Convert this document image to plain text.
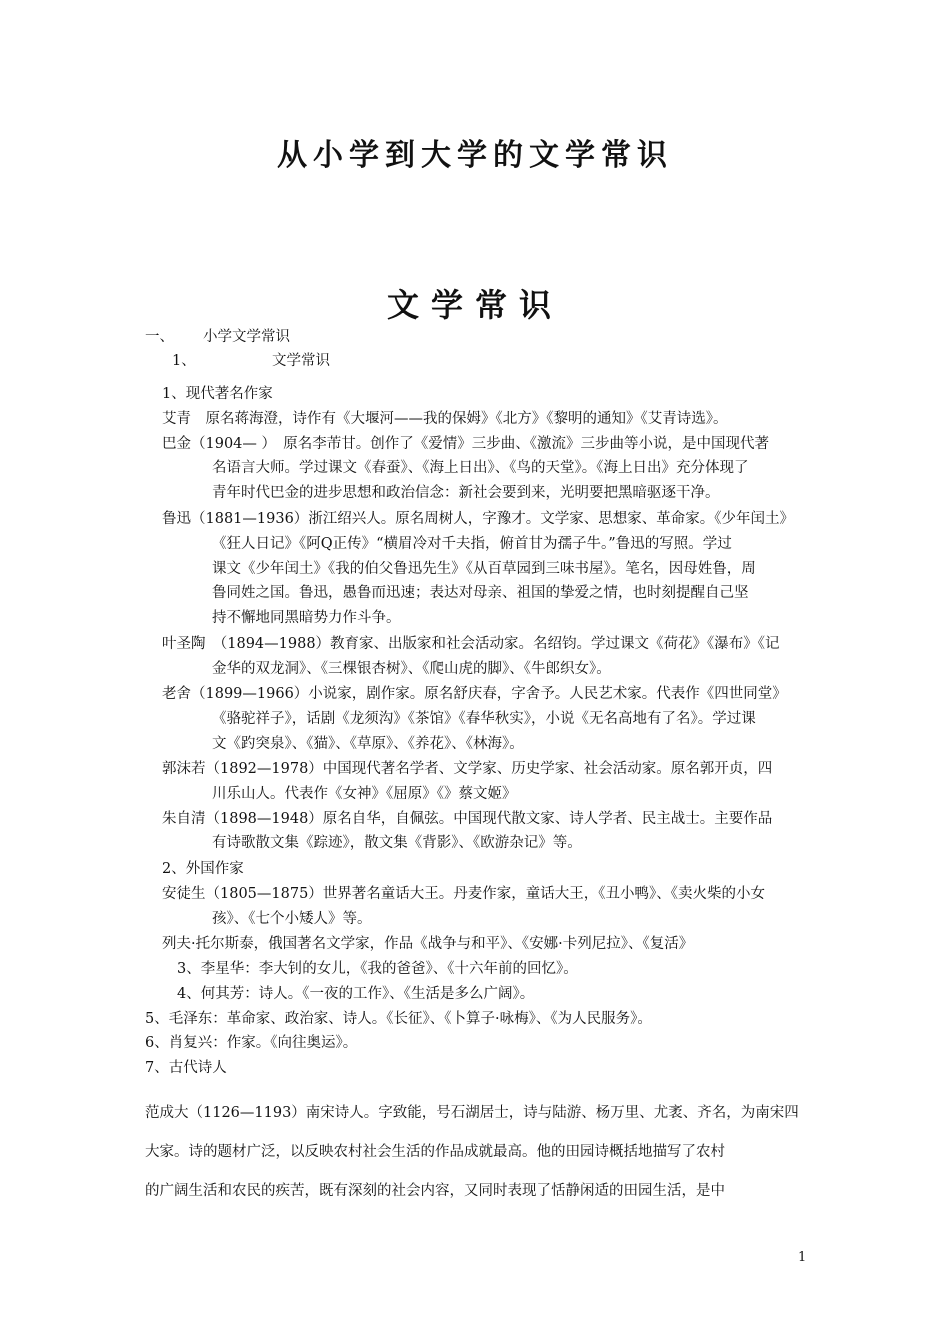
从小学到大学的文学常识
文学常识
一、 小学文学常识
1、	文学常识
1、现代著名作家
艾青　原名蒋海澄，诗作有《大堰河——我的保姆》《北方》《黎明的通知》《艾青诗选》。
巴金（1904— ）　原名李芾甘。创作了《爱情》三步曲、《激流》三步曲等小说，是中国现代著
名语言大师。学过课文《春蚕》、《海上日出》、《鸟的天堂》。《海上日出》充分体现了
青年时代巴金的进步思想和政治信念：新社会要到来，光明要把黑暗驱逐干净。
鲁迅（1881—1936）浙江绍兴人。原名周树人，字豫才。文学家、思想家、革命家。《少年闰土》
《狂人日记》《阿Q正传》“横眉冷对千夫指，俯首甘为孺子牛。”鲁迅的写照。学过
课文《少年闰土》《我的伯父鲁迅先生》《从百草园到三味书屋》。笔名，因母姓鲁，周
鲁同姓之国。鲁迅，愚鲁而迅速；表达对母亲、祖国的挚爱之情，也时刻提醒自己坚
持不懈地同黑暗势力作斗争。
叶圣陶　（1894—1988）教育家、出版家和社会活动家。名绍钧。学过课文《荷花》《瀑布》《记
金华的双龙洞》、《三棵银杏树》、《爬山虎的脚》、《牛郎织女》。
老舍（1899—1966）小说家，剧作家。原名舒庆春，字舍予。人民艺术家。代表作《四世同堂》
《骆驼祥子》，话剧《龙须沟》《茶馆》《春华秋实》，小说《无名高地有了名》。学过课
文《趵突泉》、《猫》、《草原》、《养花》、《林海》。
郭沫若（1892—1978）中国现代著名学者、文学家、历史学家、社会活动家。原名郭开贞，四
川乐山人。代表作《女神》《屈原》《》蔡文姬》
朱自清（1898—1948）原名自华，自佩弦。中国现代散文家、诗人学者、民主战士。主要作品
有诗歌散文集《踪迹》，散文集《背影》、《欧游杂记》等。
2、外国作家
安徒生（1805—1875）世界著名童话大王。丹麦作家，童话大王，《丑小鸭》、《卖火柴的小女
孩》、《七个小矮人》等。
列夫·托尔斯泰，俄国著名文学家，作品《战争与和平》、《安娜·卡列尼拉》、《复活》
3、李星华：李大钊的女儿，《我的爸爸》、《十六年前的回忆》。
4、何其芳：诗人。《一夜的工作》、《生活是多么广阔》。
5、毛泽东：革命家、政治家、诗人。《长征》、《卜算子·咏梅》、《为人民服务》。
6、肖复兴：作家。《向往奥运》。
7、古代诗人
范成大（1126—1193）南宋诗人。字致能，号石湖居士，诗与陆游、杨万里、尤袤、齐名，为南宋四
大家。诗的题材广泛，以反映农村社会生活的作品成就最高。他的田园诗概括地描写了农村
的广阔生活和农民的疾苦，既有深刻的社会内容，又同时表现了恬静闲适的田园生活，是中
1
